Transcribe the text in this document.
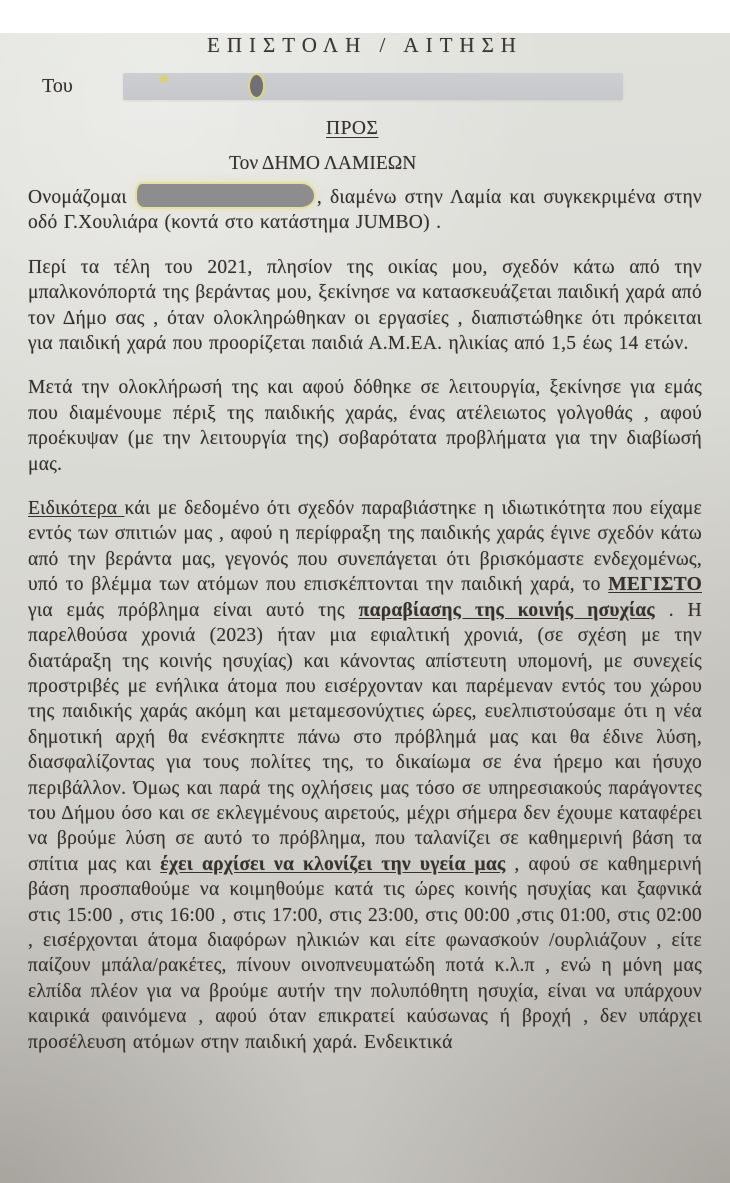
ΕΠΙΣΤΟΛΗ / ΑΙΤΗΣΗ
Του
ΠΡΟΣ
Τον ΔΗΜΟ ΛΑΜΙΕΩΝ

Ονομάζομαι	, διαμένω στην Λαμία και συγκεκριμένα στην οδό Γ.Χουλιάρα (κοντά στο κατάστημα JUMBO) .

Περί τα τέλη του 2021, πλησίον της οικίας μου, σχεδόν κάτω από την μπαλκονόπορτά της βεράντας μου, ξεκίνησε να κατασκευάζεται παιδική χαρά από τον Δήμο σας , όταν ολοκληρώθηκαν οι εργασίες , διαπιστώθηκε ότι πρόκειται για παιδική χαρά που προορίζεται παιδιά Α.Μ.ΕΑ. ηλικίας από 1,5 έως 14 ετών.

Μετά την ολοκλήρωσή της και αφού δόθηκε σε λειτουργία, ξεκίνησε για εμάς που διαμένουμε πέριξ της παιδικής χαράς, ένας ατέλειωτος γολγοθάς , αφού προέκυψαν (με την λειτουργία της) σοβαρότατα προβλήματα για την διαβίωσή μας.

Ειδικότερα κάι με δεδομένο ότι σχεδόν παραβιάστηκε η ιδιωτικότητα που είχαμε εντός των σπιτιών μας , αφού η περίφραξη της παιδικής χαράς έγινε σχεδόν κάτω από την βεράντα μας, γεγονός που συνεπάγεται ότι βρισκόμαστε ενδεχομένως, υπό το βλέμμα των ατόμων που επισκέπτονται την παιδική χαρά, το ΜΕΓΙΣΤΟ για εμάς πρόβλημα είναι αυτό της παραβίασης της κοινής ησυχίας . Η παρελθούσα χρονιά (2023) ήταν μια εφιαλτική χρονιά, (σε σχέση με την διατάραξη της κοινής ησυχίας) και κάνοντας απίστευτη υπομονή, με συνεχείς προστριβές με ενήλικα άτομα που εισέρχονταν και παρέμεναν εντός του χώρου της παιδικής χαράς ακόμη και μεταμεσονύχτιες ώρες, ευελπιστούσαμε ότι η νέα δημοτική αρχή θα ενέσκηπτε πάνω στο πρόβλημά μας και θα έδινε λύση, διασφαλίζοντας για τους πολίτες της, το δικαίωμα σε ένα ήρεμο και ήσυχο περιβάλλον. Όμως και παρά της οχλήσεις μας τόσο σε υπηρεσιακούς παράγοντες του Δήμου όσο και σε εκλεγμένους αιρετούς, μέχρι σήμερα δεν έχουμε καταφέρει να βρούμε λύση σε αυτό το πρόβλημα, που ταλανίζει σε καθημερινή βάση τα σπίτια μας και έχει αρχίσει να κλονίζει την υγεία μας , αφού σε καθημερινή βάση προσπαθούμε να κοιμηθούμε κατά τις ώρες κοινής ησυχίας και ξαφνικά στις 15:00 , στις 16:00 , στις 17:00, στις 23:00, στις 00:00 ,στις 01:00, στις 02:00 , εισέρχονται άτομα διαφόρων ηλικιών και είτε φωνασκούν /ουρλιάζουν , είτε παίζουν μπάλα/ρακέτες, πίνουν οινοπνευματώδη ποτά κ.λ.π , ενώ η μόνη μας ελπίδα πλέον για να βρούμε αυτήν την πολυπόθητη ησυχία, είναι να υπάρχουν καιρικά φαινόμενα , αφού όταν επικρατεί καύσωνας ή βροχή , δεν υπάρχει προσέλευση ατόμων στην παιδική χαρά. Ενδεικτικά
